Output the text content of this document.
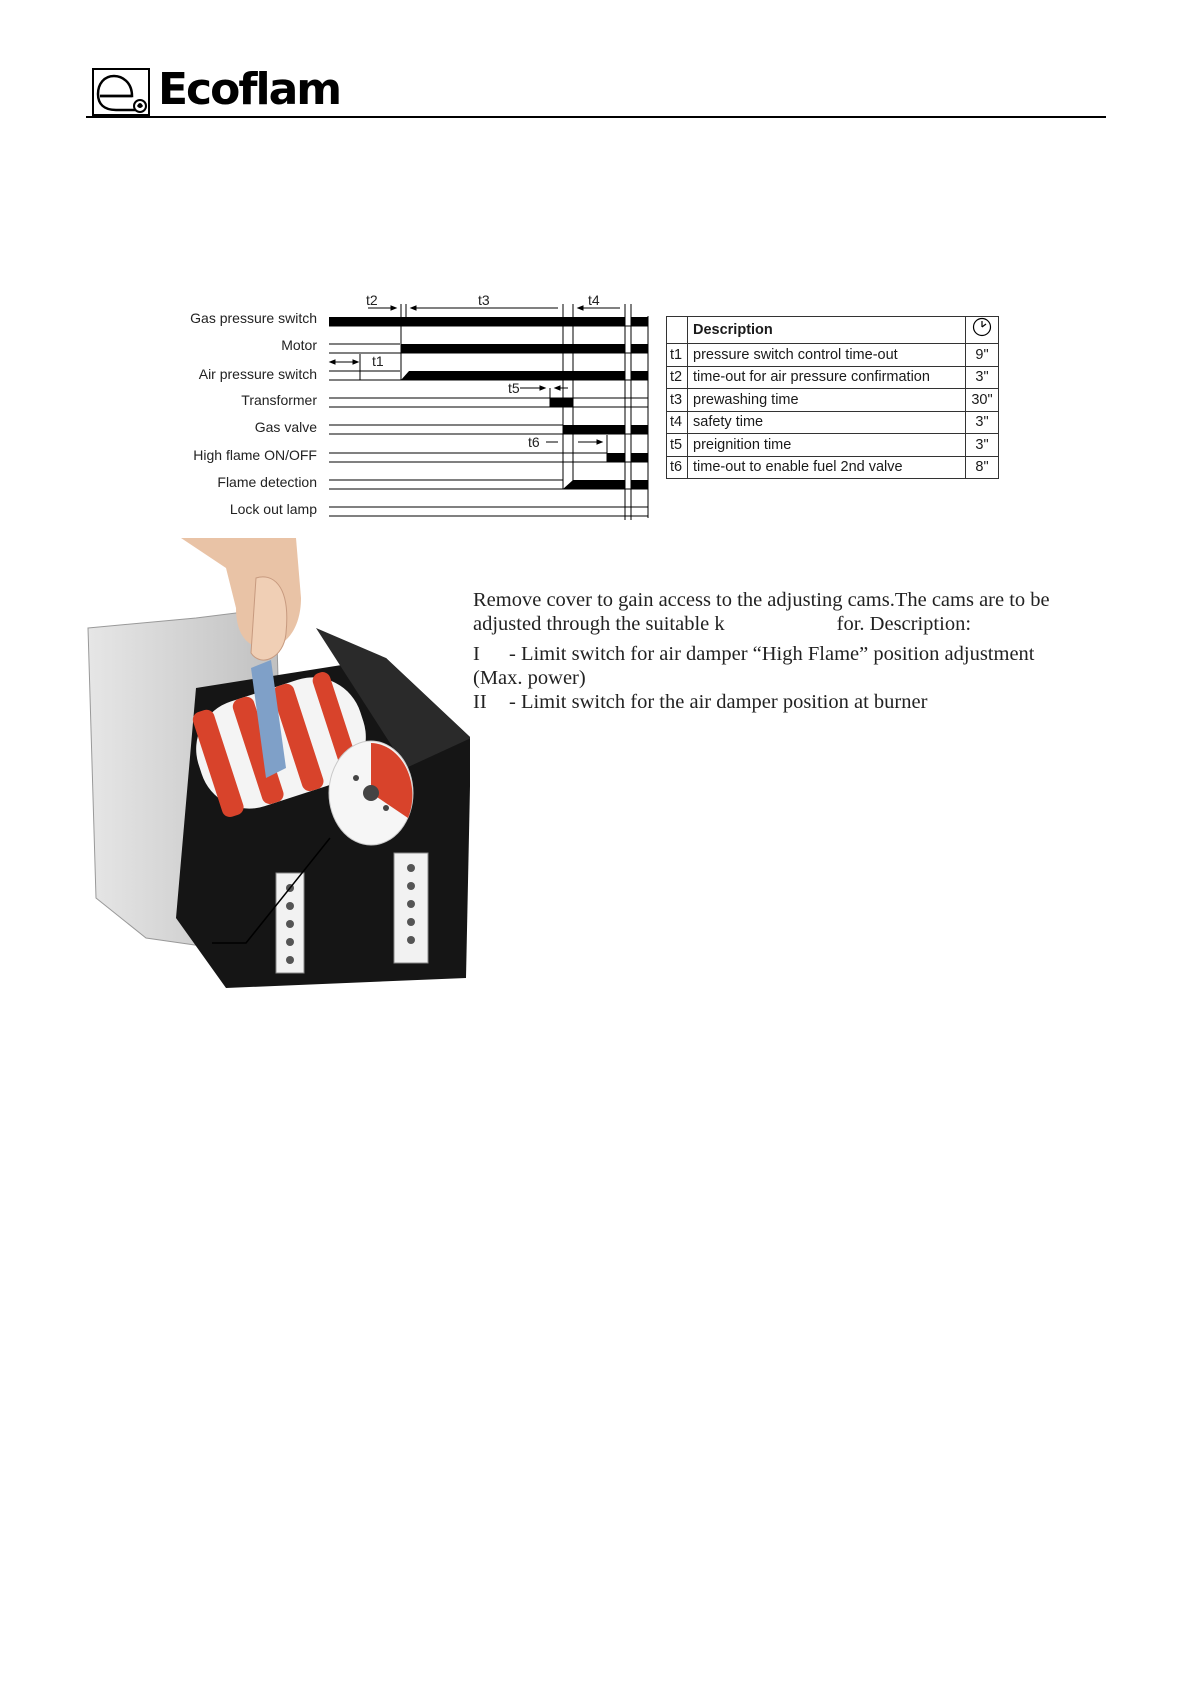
Ecoflam
Gas pressure switch
Motor
Air pressure switch
Transformer
Gas valve
High flame ON/OFF
Flame detection
Lock out lamp
t2	t3	t4
t1
t5
t6
	Description	
t1	pressure switch control time-out	9"
t2	time-out for air pressure confirmation	3"
t3	prewashing time	30"
t4	safety time	3"
t5	preignition time	3"
t6	time-out to enable fuel 2nd valve	8"

Remove cover to gain access to the adjusting cams.The cams are to be

adjusted through the suitable k	for. Description:

I - Limit switch for air damper “High Flame” position adjustment

(Max. power)

II - Limit switch for the air damper position at burner
